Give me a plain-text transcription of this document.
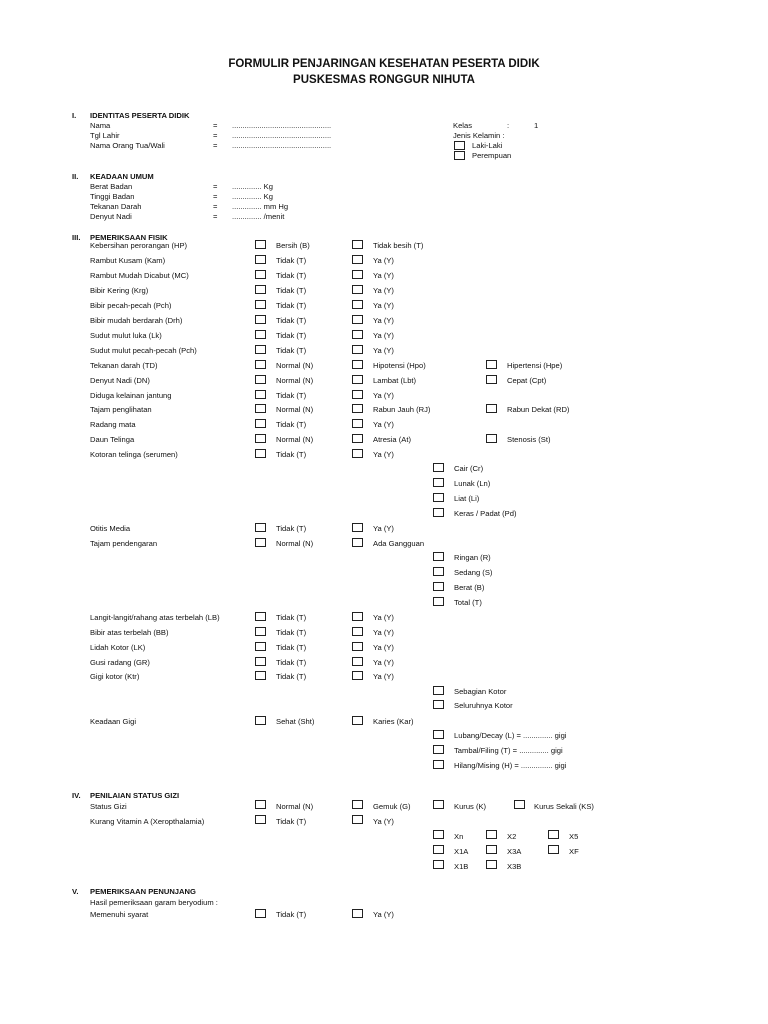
FORMULIR PENJARINGAN KESEHATAN PESERTA DIDIK
PUSKESMAS RONGGUR NIHUTA
I. IDENTITAS PESERTA DIDIK
Nama	= ...............................................
Tgl Lahir	= ...............................................
Nama Orang Tua/Wali	= ...............................................
Kelas	:	1
Jenis Kelamin :
Laki-Laki
Perempuan
II. KEADAAN UMUM
Berat Badan	= .............. Kg
Tinggi Badan	= .............. Kg
Tekanan Darah	= .............. mm Hg
Denyut Nadi	= .............. /menit
III. PEMERIKSAAN FISIK
Kebersihan perorangan (HP)	Bersih (B)	Tidak besih (T)
Rambut Kusam (Kam)	Tidak (T)	Ya (Y)
Rambut Mudah Dicabut (MC)	Tidak (T)	Ya (Y)
Bibir Kering (Krg)	Tidak (T)	Ya (Y)
Bibir pecah-pecah (Pch)	Tidak (T)	Ya (Y)
Bibir mudah berdarah (Drh)	Tidak (T)	Ya (Y)
Sudut mulut luka (Lk)	Tidak (T)	Ya (Y)
Sudut mulut pecah-pecah (Pch)	Tidak (T)	Ya (Y)
Tekanan darah (TD)	Normal (N)	Hipotensi (Hpo)	Hipertensi (Hpe)
Denyut Nadi (DN)	Normal (N)	Lambat (Lbt)	Cepat (Cpt)
Diduga kelainan jantung	Tidak (T)	Ya (Y)
Tajam penglihatan	Normal (N)	Rabun Jauh (RJ)	Rabun Dekat (RD)
Radang mata	Tidak (T)	Ya (Y)
Daun Telinga	Normal (N)	Atresia (At)	Stenosis (St)
Kotoran telinga (serumen)	Tidak (T)	Ya (Y)
Cair (Cr)
Lunak (Ln)
Liat (Li)
Keras / Padat (Pd)
Otitis Media	Tidak (T)	Ya (Y)
Tajam pendengaran	Normal (N)	Ada Gangguan
Ringan (R)
Sedang (S)
Berat (B)
Total (T)
Langit-langit/rahang atas terbelah (LB)	Tidak (T)	Ya (Y)
Bibir atas terbelah (BB)	Tidak (T)	Ya (Y)
Lidah Kotor (LK)	Tidak (T)	Ya (Y)
Gusi radang (GR)	Tidak (T)	Ya (Y)
Gigi kotor (Ktr)	Tidak (T)	Ya (Y)
Sebagian Kotor
Seluruhnya Kotor
Keadaan Gigi	Sehat (Sht)	Karies (Kar)
Lubang/Decay (L) = .............. gigi
Tambal/Filing (T) = .............. gigi
Hilang/Mising (H) = ............... gigi
IV. PENILAIAN STATUS GIZI
Status Gizi	Normal (N)	Gemuk (G)	Kurus (K)	Kurus Sekali (KS)
Kurang Vitamin A (Xeropthalamia)	Tidak (T)	Ya (Y)
Xn	X2	X5
X1A	X3A	XF
X1B	X3B
V. PEMERIKSAAN PENUNJANG
Hasil pemeriksaan garam beryodium :
Memenuhi syarat	Tidak (T)	Ya (Y)
